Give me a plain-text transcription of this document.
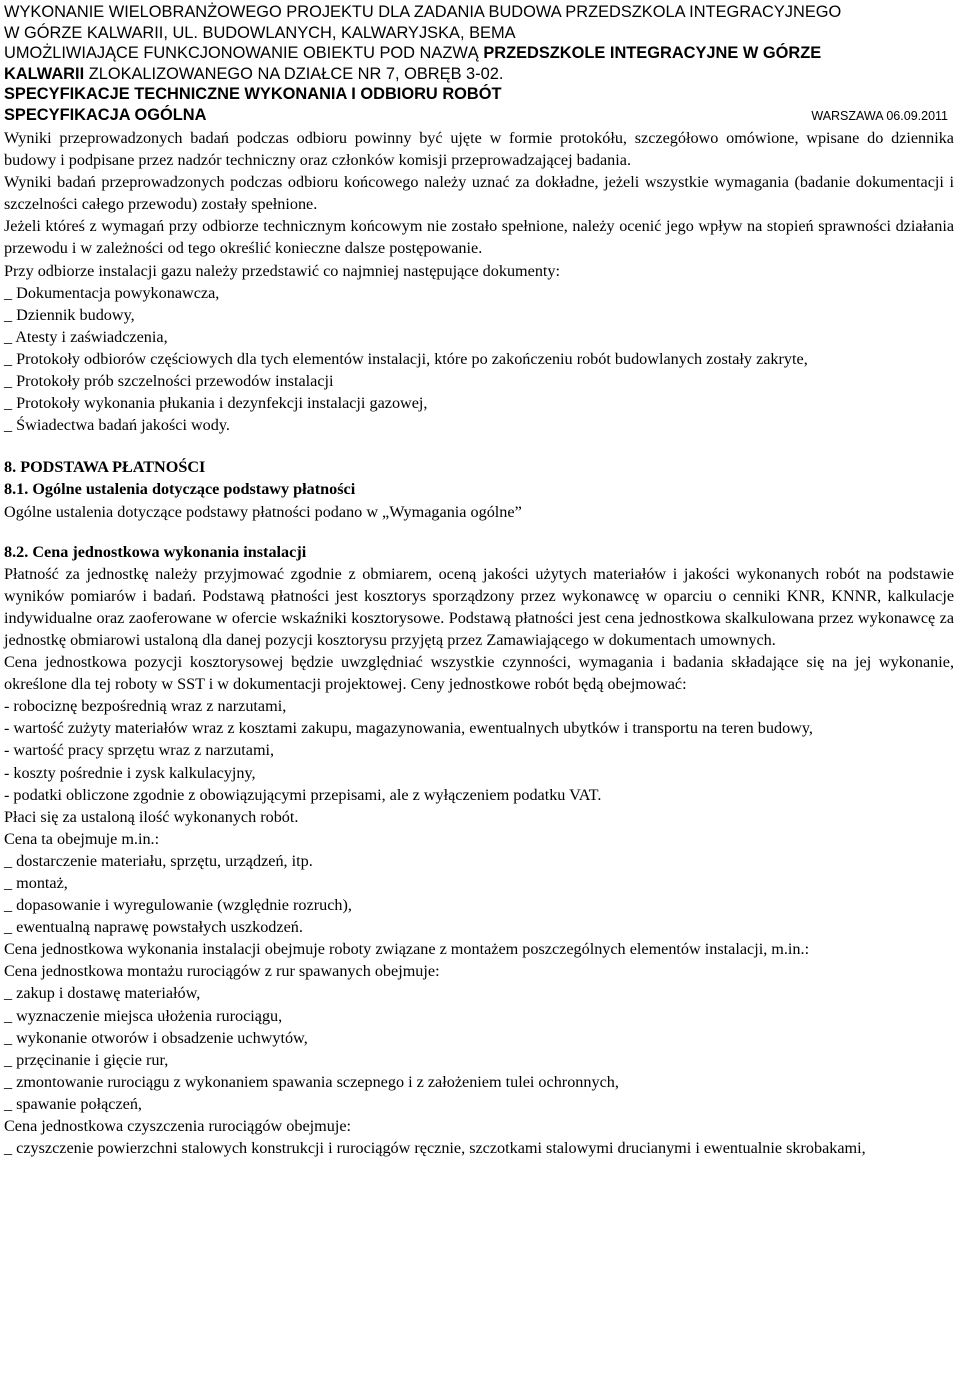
WYKONANIE WIELOBRANŻOWEGO PROJEKTU DLA ZADANIA BUDOWA PRZEDSZKOLA INTEGRACYJNEGO

W GÓRZE KALWARII, UL. BUDOWLANYCH, KALWARYJSKA, BEMA

UMOŻLIWIAJĄCE FUNKCJONOWANIE OBIEKTU POD NAZWĄ PRZEDSZKOLE INTEGRACYJNE W GÓRZE

KALWARII ZLOKALIZOWANEGO NA DZIAŁCE NR 7, OBRĘB 3-02.

SPECYFIKACJE TECHNICZNE WYKONANIA I ODBIORU ROBÓT

SPECYFIKACJA OGÓLNA	WARSZAWA 06.09.2011

Wyniki przeprowadzonych badań podczas odbioru powinny być ujęte w formie protokółu, szczegółowo omówione, wpisane do dziennika budowy i podpisane przez nadzór techniczny oraz członków komisji przeprowadzającej badania.

Wyniki badań przeprowadzonych podczas odbioru końcowego należy uznać za dokładne, jeżeli wszystkie wymagania (badanie dokumentacji i szczelności całego przewodu) zostały spełnione.

Jeżeli któreś z wymagań przy odbiorze technicznym końcowym nie zostało spełnione, należy ocenić jego wpływ na stopień sprawności działania przewodu i w zależności od tego określić konieczne dalsze postępowanie.

Przy odbiorze instalacji gazu należy przedstawić co najmniej następujące dokumenty:

_ Dokumentacja powykonawcza,

_ Dziennik budowy,

_ Atesty i zaświadczenia,

_ Protokoły odbiorów częściowych dla tych elementów instalacji, które po zakończeniu robót budowlanych zostały zakryte,

_ Protokoły prób szczelności przewodów instalacji

_ Protokoły wykonania płukania i dezynfekcji instalacji gazowej,

_ Świadectwa badań jakości wody.

8. PODSTAWA PŁATNOŚCI

8.1. Ogólne ustalenia dotyczące podstawy płatności

Ogólne ustalenia dotyczące podstawy płatności podano w „Wymagania ogólne”

8.2. Cena jednostkowa wykonania instalacji

Płatność za jednostkę należy przyjmować zgodnie z obmiarem, oceną jakości użytych materiałów i jakości wykonanych robót na podstawie wyników pomiarów i badań. Podstawą płatności jest kosztorys sporządzony przez wykonawcę w oparciu o cenniki KNR, KNNR, kalkulacje indywidualne oraz zaoferowane w ofercie wskaźniki kosztorysowe. Podstawą płatności jest cena jednostkowa skalkulowana przez wykonawcę za jednostkę obmiarowi ustaloną dla danej pozycji kosztorysu przyjętą przez Zamawiającego w dokumentach umownych.

Cena jednostkowa pozycji kosztorysowej będzie uwzględniać wszystkie czynności, wymagania i badania składające się na jej wykonanie, określone dla tej roboty w SST i w dokumentacji projektowej. Ceny jednostkowe robót będą obejmować:

- robociznę bezpośrednią wraz z narzutami,

- wartość zużyty materiałów wraz z kosztami zakupu, magazynowania, ewentualnych ubytków i transportu na teren budowy,

- wartość pracy sprzętu wraz z narzutami,

- koszty pośrednie i zysk kalkulacyjny,

- podatki obliczone zgodnie z obowiązującymi przepisami, ale z wyłączeniem podatku VAT.

Płaci się za ustaloną ilość wykonanych robót.

Cena ta obejmuje m.in.:

_ dostarczenie materiału, sprzętu, urządzeń, itp.

_ montaż,

_ dopasowanie i wyregulowanie (względnie rozruch),

_ ewentualną naprawę powstałych uszkodzeń.

Cena jednostkowa wykonania instalacji obejmuje roboty związane z montażem poszczególnych elementów instalacji, m.in.:

Cena jednostkowa montażu rurociągów z rur spawanych obejmuje:

_ zakup i dostawę materiałów,

_ wyznaczenie miejsca ułożenia rurociągu,

_ wykonanie otworów i obsadzenie uchwytów,

_ przęcinanie i gięcie rur,

_ zmontowanie rurociągu z wykonaniem spawania sczepnego i z założeniem tulei ochronnych,

_ spawanie połączeń,

Cena jednostkowa czyszczenia rurociągów obejmuje:

_ czyszczenie powierzchni stalowych konstrukcji i rurociągów ręcznie, szczotkami stalowymi drucianymi i ewentualnie skrobakami,
